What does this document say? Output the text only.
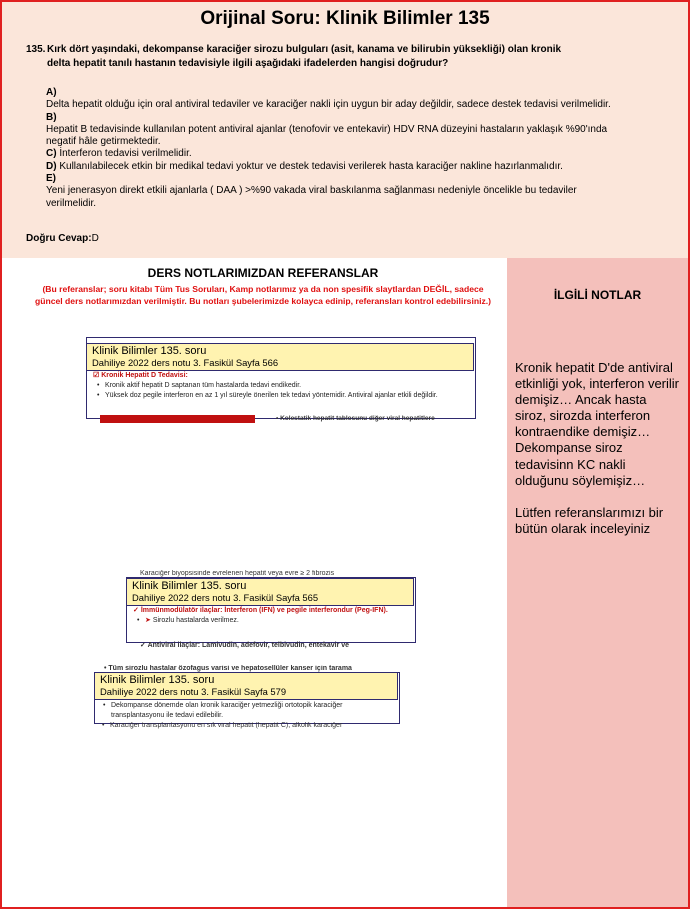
Orijinal Soru: Klinik Bilimler 135
135. Kırk dört yaşındaki, dekompanse karaciğer sirozu bulguları (asit, kanama ve bilirubin yüksekliği) olan kronik delta hepatit tanılı hastanın tedavisiyle ilgili aşağıdaki ifadelerden hangisi doğrudur?
A)
Delta hepatit olduğu için oral antiviral tedaviler ve karaciğer nakli için uygun bir aday değildir, sadece destek tedavisi verilmelidir.
B)
Hepatit B tedavisinde kullanılan potent antiviral ajanlar (tenofovir ve entekavir) HDV RNA düzeyini hastaların yaklaşık %90'ında negatif hâle getirmektedir.
C) İnterferon tedavisi verilmelidir.
D) Kullanılabilecek etkin bir medikal tedavi yoktur ve destek tedavisi verilerek hasta karaciğer nakline hazırlanmalıdır.
E)
Yeni jenerasyon direkt etkili ajanlarla ( DAA ) >%90 vakada viral baskılanma sağlanması nedeniyle öncelikle bu tedaviler verilmelidir.
Doğru Cevap:D
DERS NOTLARIMIZDAN REFERANSLAR
(Bu referanslar; soru kitabı Tüm Tus Soruları, Kamp notlarımız ya da non spesifik slaytlardan DEĞİL, sadece güncel ders notlarımızdan verilmiştir. Bu notları şubelerimizde kolayca edinip, referansları kontrol edebilirsiniz.)
☑ Kronik Hepatit D Tedavisi:
• Kronik aktif hepatit D saptanan tüm hastalarda tedavi endikedir.
• Yüksek doz pegile interferon en az 1 yıl süreyle önerilen tek tedavi yöntemidir. Antiviral ajanlar etkili değildir.
Klinik Bilimler 135. soru
Dahiliye 2022 ders notu 3. Fasikül Sayfa 566
• Kolestatik hepatit tablosunu diğer viral hepatitlere
Karaciğer biyopsisinde evrelenen hepatit veya evre ≥ 2 fibrozis
✓ İmmünmodülatör ilaçlar: İnterferon (IFN) ve pegile interferondur (Peg-IFN).
• ➤ Sirozlu hastalarda verilmez.
Klinik Bilimler 135. soru
Dahiliye 2022 ders notu 3. Fasikül Sayfa 565
✓ Antiviral ilaçlar: Lamivudin, adefovir, telbivudin, entekavir ve
• Tüm sirozlu hastalar özofagus varisi ve hepatosellüler kanser için tarama
• Dekompanse dönemde olan kronik karaciğer yetmezliği ortotopik karaciğer transplantasyonu ile tedavi edilebilir.
Klinik Bilimler 135. soru
Dahiliye 2022 ders notu 3. Fasikül Sayfa 579
• Karaciğer transplantasyonu en sık viral hepatit (hepatit C), alkolik karaciğer
İLGİLİ NOTLAR
Kronik hepatit D'de antiviral etkinliği yok, interferon verilir demişiz… Ancak hasta siroz, sirozda interferon kontraendike demişiz… Dekompanse siroz tedavisinn KC nakli olduğunu söylemişiz…
Lütfen referanslarımızı bir bütün olarak inceleyiniz
